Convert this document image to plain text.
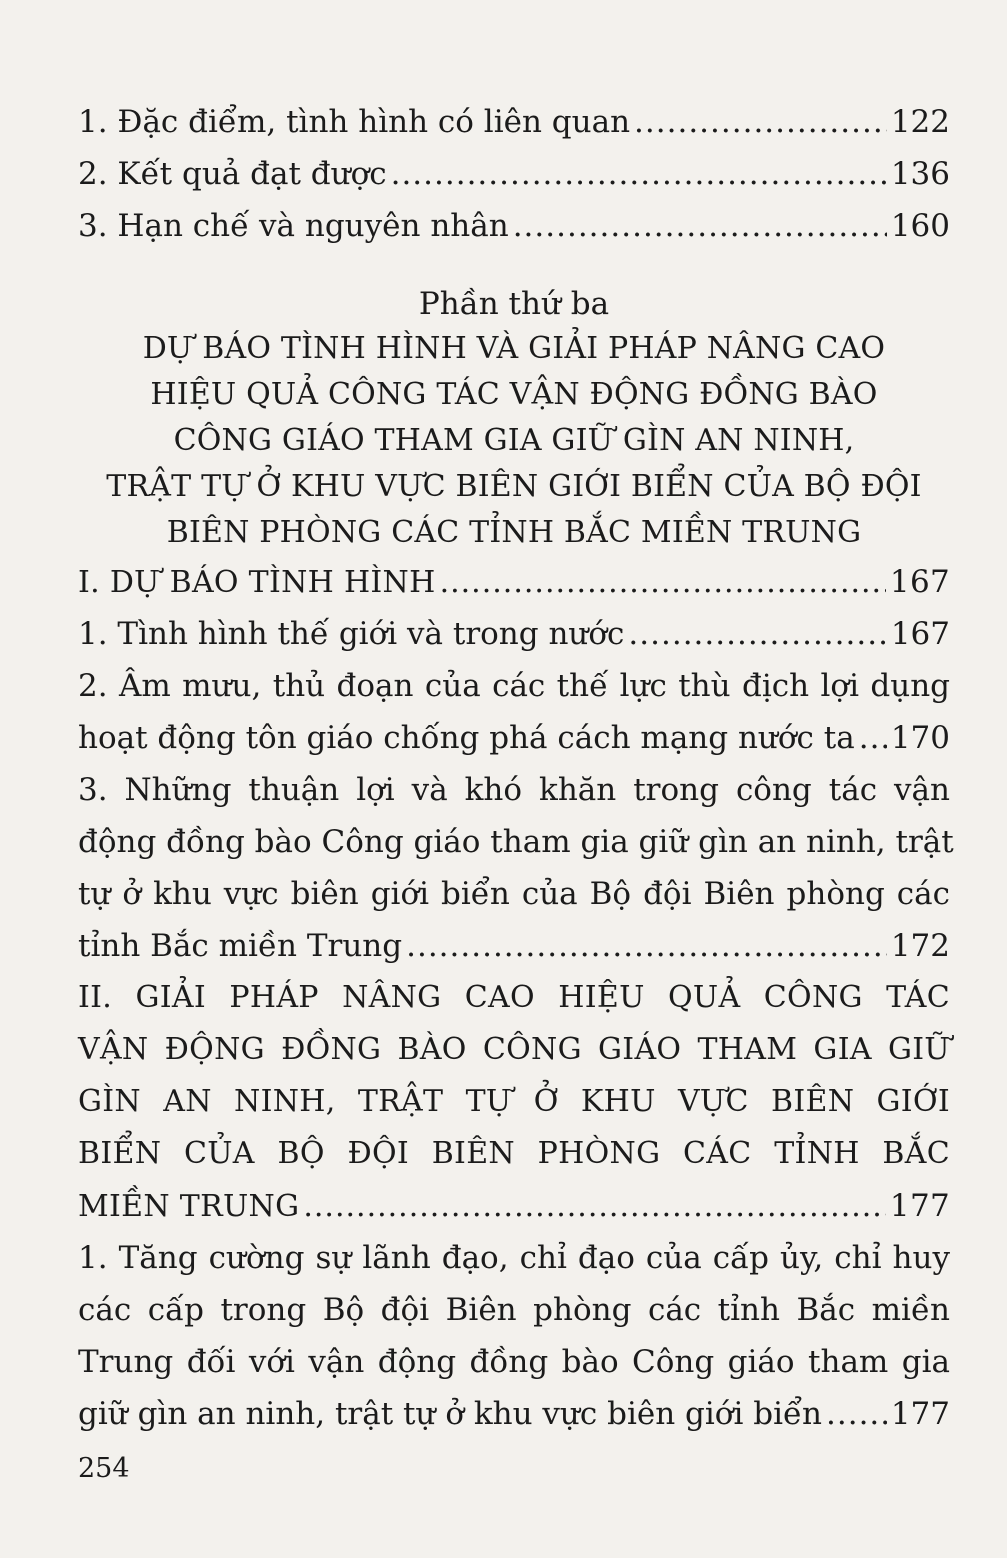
1. Đặc điểm, tình hình có liên quan .....	122
2. Kết quả đạt được .....	136
3. Hạn chế và nguyên nhân .....	160
Phần thứ ba
DỰ BÁO TÌNH HÌNH VÀ GIẢI PHÁP NÂNG CAO
HIỆU QUẢ CÔNG TÁC VẬN ĐỘNG ĐỒNG BÀO
CÔNG GIÁO THAM GIA GIỮ GÌN AN NINH,
TRẬT TỰ Ở KHU VỰC BIÊN GIỚI BIỂN CỦA BỘ ĐỘI
BIÊN PHÒNG CÁC TỈNH BẮC MIỀN TRUNG
I. DỰ BÁO TÌNH HÌNH .....	167
1. Tình hình thế giới và trong nước .....	167
2. Âm mưu, thủ đoạn của các thế lực thù địch lợi dụng
hoạt động tôn giáo chống phá cách mạng nước ta ..... 170
3. Những thuận lợi và khó khăn trong công tác vận
động đồng bào Công giáo tham gia giữ gìn an ninh, trật
tự ở khu vực biên giới biển của Bộ đội Biên phòng các
tỉnh Bắc miền Trung .....	172
II. GIẢI PHÁP NÂNG CAO HIỆU QUẢ CÔNG TÁC
VẬN ĐỘNG ĐỒNG BÀO CÔNG GIÁO THAM GIA GIỮ
GÌN AN NINH, TRẬT TỰ Ở KHU VỰC BIÊN GIỚI
BIỂN CỦA BỘ ĐỘI BIÊN PHÒNG CÁC TỈNH BẮC
MIỀN TRUNG .....	177
1. Tăng cường sự lãnh đạo, chỉ đạo của cấp ủy, chỉ huy
các cấp trong Bộ đội Biên phòng các tỉnh Bắc miền
Trung đối với vận động đồng bào Công giáo tham gia
giữ gìn an ninh, trật tự ở khu vực biên giới biển ..... 177
254
